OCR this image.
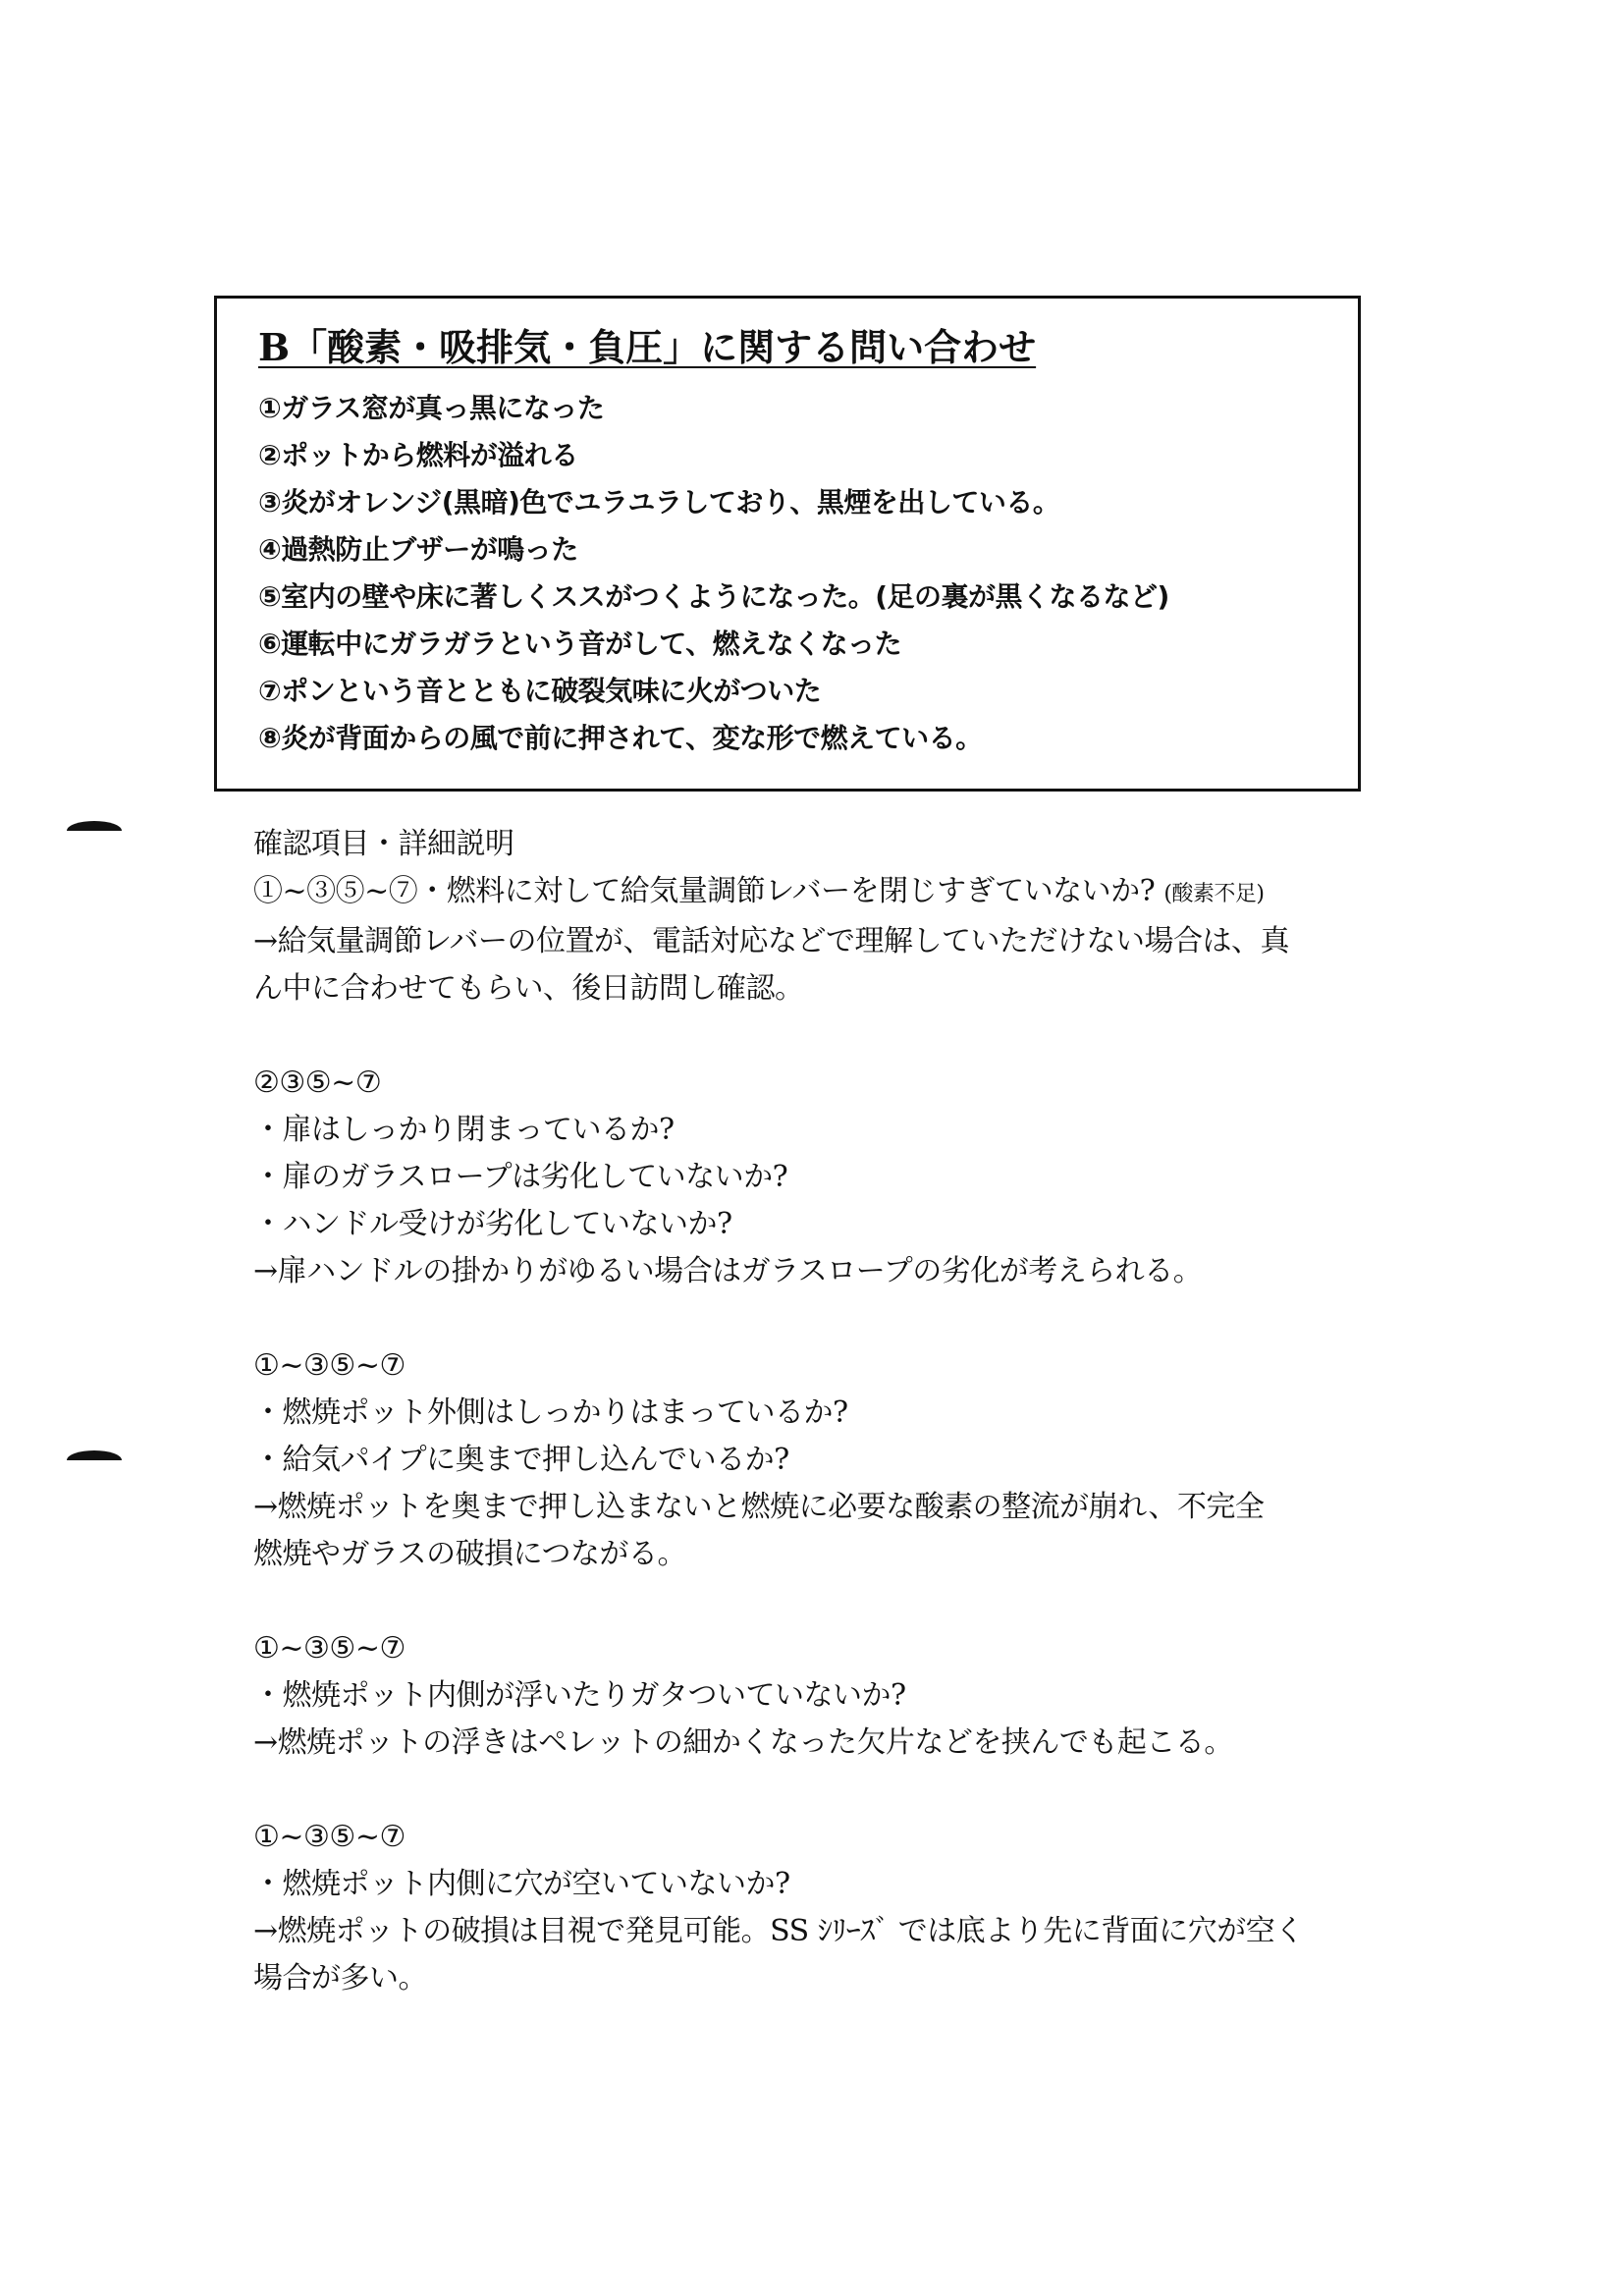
B「酸素・吸排気・負圧」に関する問い合わせ
①ガラス窓が真っ黒になった
②ポットから燃料が溢れる
③炎がオレンジ(黒暗)色でユラユラしており、黒煙を出している。
④過熱防止ブザーが鳴った
⑤室内の壁や床に著しくススがつくようになった。(足の裏が黒くなるなど)
⑥運転中にガラガラという音がして、燃えなくなった
⑦ポンという音とともに破裂気味に火がついた
⑧炎が背面からの風で前に押されて、変な形で燃えている。

確認項目・詳細説明

①~③⑤~⑦・燃料に対して給気量調節レバーを閉じすぎていないか? (酸素不足)

→給気量調節レバーの位置が、電話対応などで理解していただけない場合は、真

ん中に合わせてもらい、後日訪問し確認。

②③⑤~⑦

・扉はしっかり閉まっているか?

・扉のガラスロープは劣化していないか?

・ハンドル受けが劣化していないか?

→扉ハンドルの掛かりがゆるい場合はガラスロープの劣化が考えられる。

①~③⑤~⑦

・燃焼ポット外側はしっかりはまっているか?

・給気パイプに奥まで押し込んでいるか?

→燃焼ポットを奥まで押し込まないと燃焼に必要な酸素の整流が崩れ、不完全

燃焼やガラスの破損につながる。

①~③⑤~⑦

・燃焼ポット内側が浮いたりガタついていないか?

→燃焼ポットの浮きはペレットの細かくなった欠片などを挟んでも起こる。

①~③⑤~⑦

・燃焼ポット内側に穴が空いていないか?

→燃焼ポットの破損は目視で発見可能。SS ｼﾘｰｽﾞ では底より先に背面に穴が空く

場合が多い。
